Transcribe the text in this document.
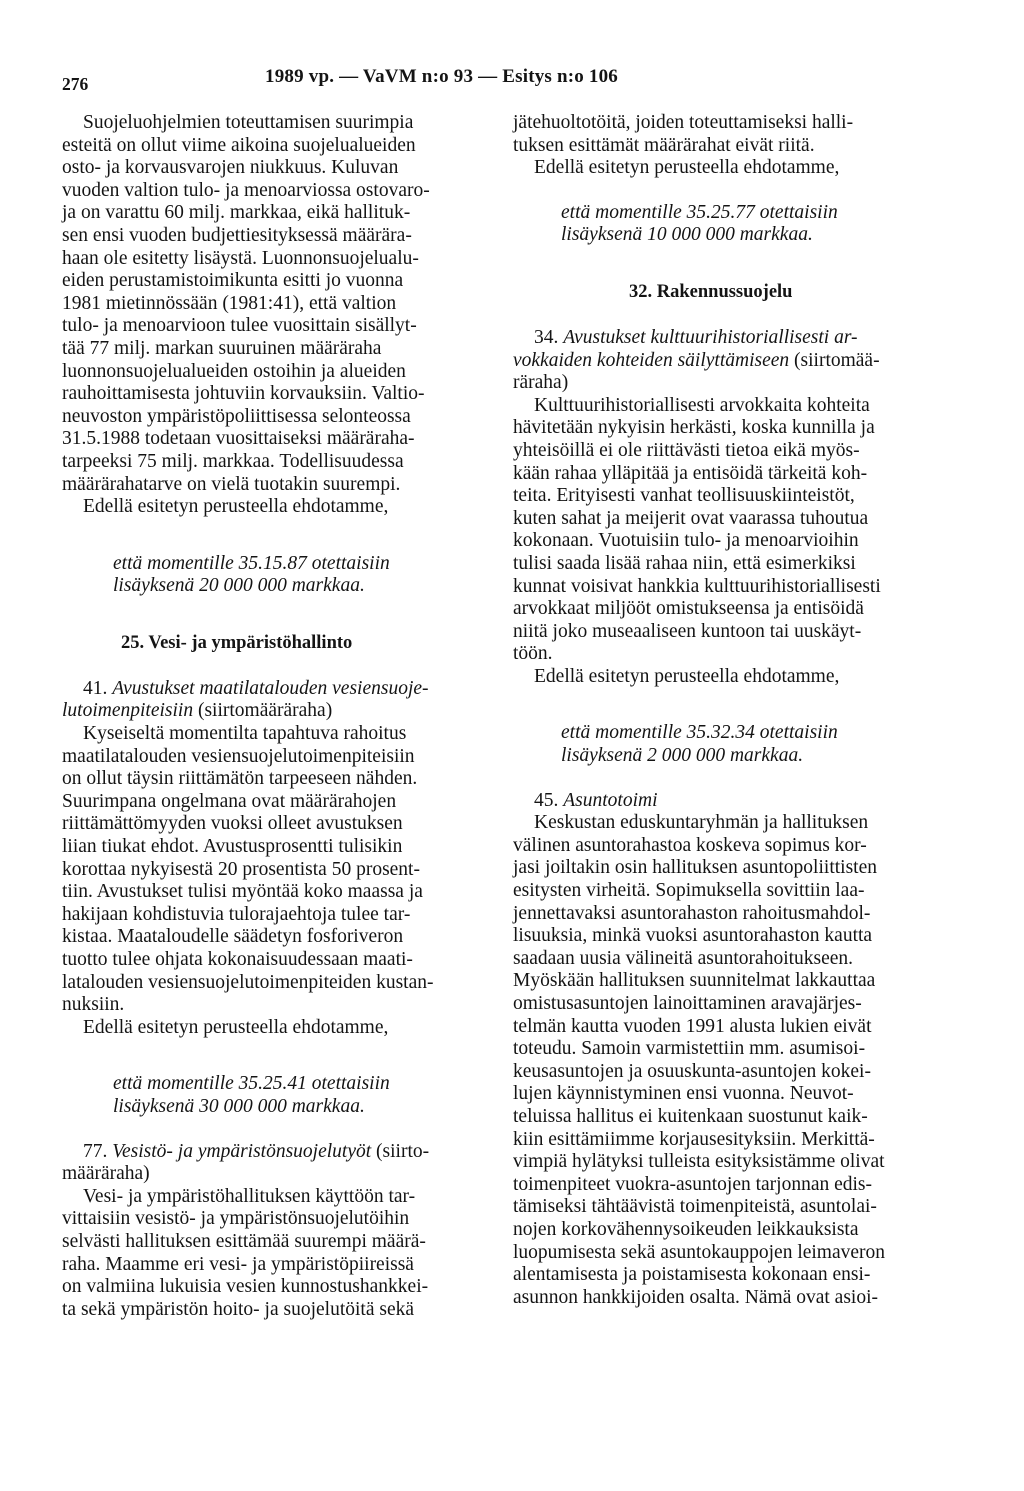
276	1989 vp. — VaVM n:o 93 — Esitys n:o 106
Suojeluohjelmien toteuttamisen suurimpia
esteitä on ollut viime aikoina suojelualueiden
osto- ja korvausvarojen niukkuus. Kuluvan
vuoden valtion tulo- ja menoarviossa ostovaro-
ja on varattu 60 milj. markkaa, eikä hallituk-
sen ensi vuoden budjettiesityksessä määrära-
haan ole esitetty lisäystä. Luonnonsuojelualu-
eiden perustamistoimikunta esitti jo vuonna
1981 mietinnössään (1981:41), että valtion
tulo- ja menoarvioon tulee vuosittain sisällyt-
tää 77 milj. markan suuruinen määräraha
luonnonsuojelualueiden ostoihin ja alueiden
rauhoittamisesta johtuviin korvauksiin. Valtio-
neuvoston ympäristöpoliittisessa selonteossa
31.5.1988 todetaan vuosittaiseksi määräraha-
tarpeeksi 75 milj. markkaa. Todellisuudessa
määrärahatarve on vielä tuotakin suurempi.
Edellä esitetyn perusteella ehdotamme,
että momentille 35.15.87 otettaisiin
lisäyksenä 20 000 000 markkaa.
25. Vesi- ja ympäristöhallinto
41. Avustukset maatilatalouden vesiensuoje-
lutoimenpiteisiin (siirtomääräraha)
Kyseiseltä momentilta tapahtuva rahoitus
maatilatalouden vesiensuojelutoimenpiteisiin
on ollut täysin riittämätön tarpeeseen nähden.
Suurimpana ongelmana ovat määrärahojen
riittämättömyyden vuoksi olleet avustuksen
liian tiukat ehdot. Avustusprosentti tulisikin
korottaa nykyisestä 20 prosentista 50 prosent-
tiin. Avustukset tulisi myöntää koko maassa ja
hakijaan kohdistuvia tulorajaehtoja tulee tar-
kistaa. Maataloudelle säädetyn fosforiveron
tuotto tulee ohjata kokonaisuudessaan maati-
latalouden vesiensuojelutoimenpiteiden kustan-
nuksiin.
Edellä esitetyn perusteella ehdotamme,
että momentille 35.25.41 otettaisiin
lisäyksenä 30 000 000 markkaa.
77. Vesistö- ja ympäristönsuojelutyöt (siirto-
määräraha)
Vesi- ja ympäristöhallituksen käyttöön tar-
vittaisiin vesistö- ja ympäristönsuojelutöihin
selvästi hallituksen esittämää suurempi määrä-
raha. Maamme eri vesi- ja ympäristöpiireissä
on valmiina lukuisia vesien kunnostushankkei-
ta sekä ympäristön hoito- ja suojelutöitä sekä
jätehuoltotöitä, joiden toteuttamiseksi halli-
tuksen esittämät määrärahat eivät riitä.
Edellä esitetyn perusteella ehdotamme,
että momentille 35.25.77 otettaisiin
lisäyksenä 10 000 000 markkaa.
32. Rakennussuojelu
34. Avustukset kulttuurihistoriallisesti ar-
vokkaiden kohteiden säilyttämiseen (siirtomää-
räraha)
Kulttuurihistoriallisesti arvokkaita kohteita
hävitetään nykyisin herkästi, koska kunnilla ja
yhteisöillä ei ole riittävästi tietoa eikä myös-
kään rahaa ylläpitää ja entisöidä tärkeitä koh-
teita. Erityisesti vanhat teollisuuskiinteistöt,
kuten sahat ja meijerit ovat vaarassa tuhoutua
kokonaan. Vuotuisiin tulo- ja menoarvioihin
tulisi saada lisää rahaa niin, että esimerkiksi
kunnat voisivat hankkia kulttuurihistoriallisesti
arvokkaat miljööt omistukseensa ja entisöidä
niitä joko museaaliseen kuntoon tai uuskäyt-
töön.
Edellä esitetyn perusteella ehdotamme,
että momentille 35.32.34 otettaisiin
lisäyksenä 2 000 000 markkaa.
45. Asuntotoimi
Keskustan eduskuntaryhmän ja hallituksen
välinen asuntorahastoa koskeva sopimus kor-
jasi joiltakin osin hallituksen asuntopoliittisten
esitysten virheitä. Sopimuksella sovittiin laa-
jennettavaksi asuntorahaston rahoitusmahdol-
lisuuksia, minkä vuoksi asuntorahaston kautta
saadaan uusia välineitä asuntorahoitukseen.
Myöskään hallituksen suunnitelmat lakkauttaa
omistusasuntojen lainoittaminen aravajärjes-
telmän kautta vuoden 1991 alusta lukien eivät
toteudu. Samoin varmistettiin mm. asumisoi-
keusasuntojen ja osuuskunta-asuntojen kokei-
lujen käynnistyminen ensi vuonna. Neuvot-
teluissa hallitus ei kuitenkaan suostunut kaik-
kiin esittämiimme korjausesityksiin. Merkittä-
vimpiä hylätyksi tulleista esityksistämme olivat
toimenpiteet vuokra-asuntojen tarjonnan edis-
tämiseksi tähtäävistä toimenpiteistä, asuntolai-
nojen korkovähennysoikeuden leikkauksista
luopumisesta sekä asuntokauppojen leimaveron
alentamisesta ja poistamisesta kokonaan ensi-
asunnon hankkijoiden osalta. Nämä ovat asioi-
